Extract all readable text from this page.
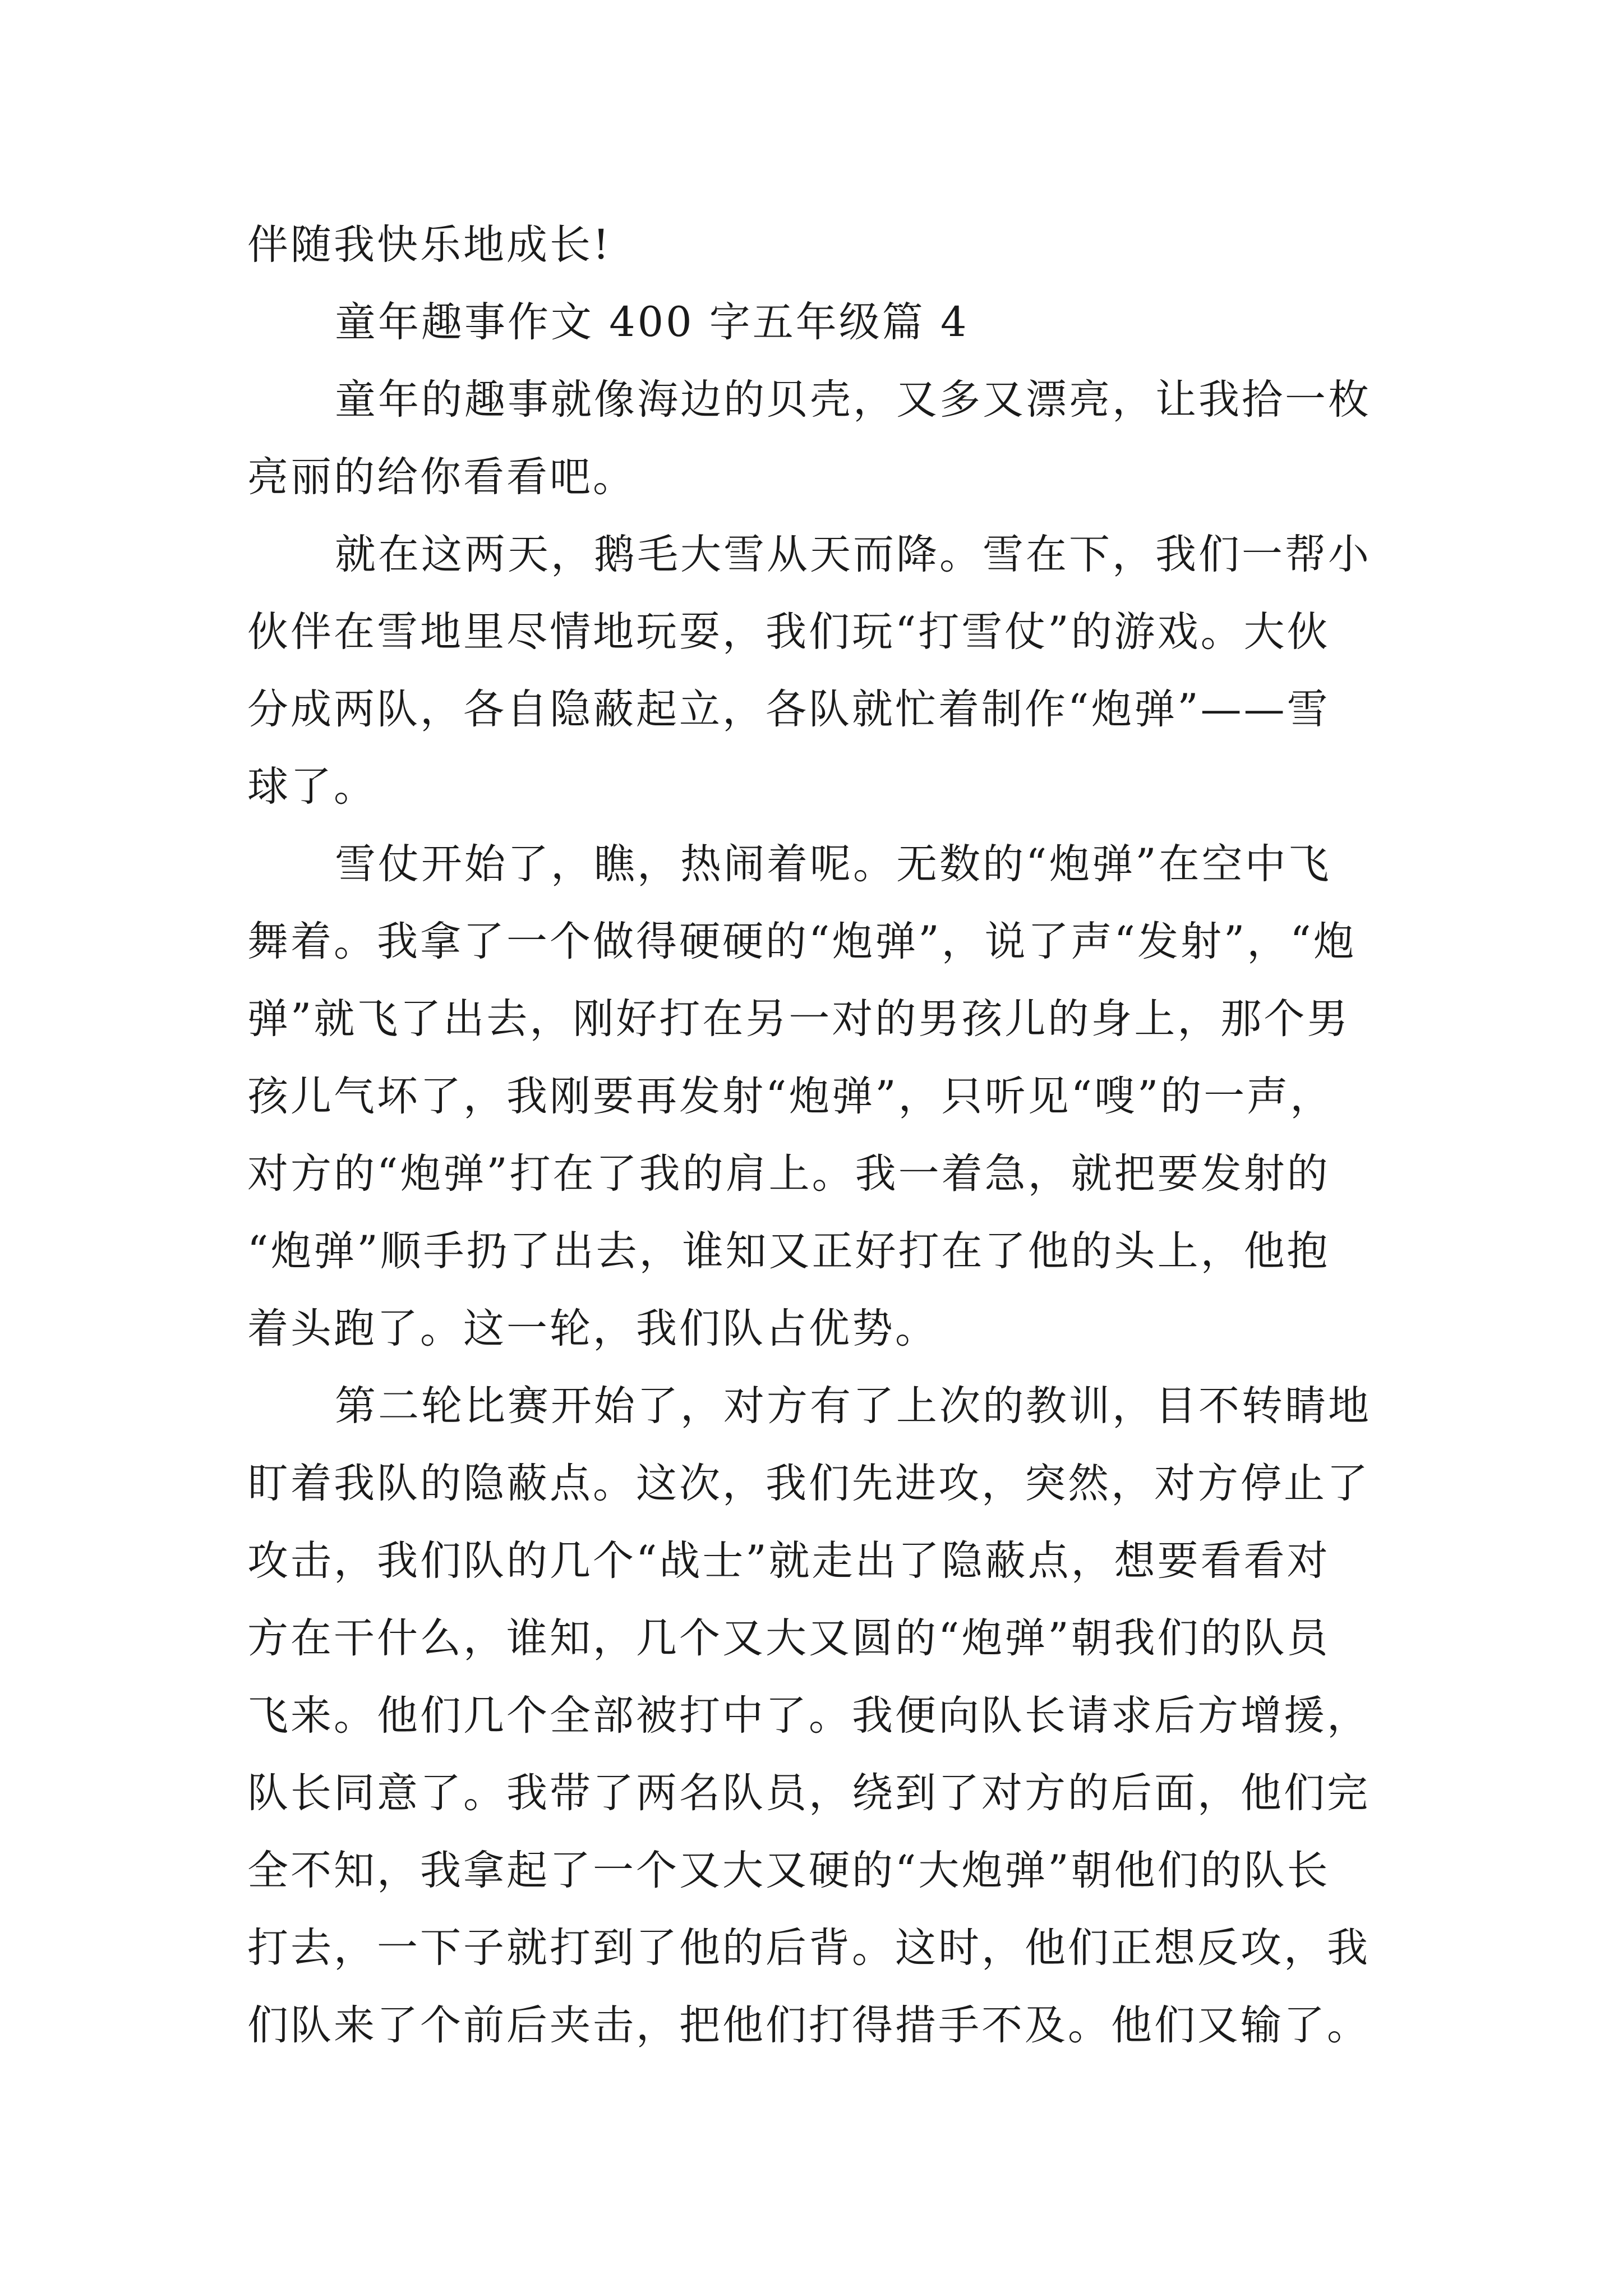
伴随我快乐地成长!
童年趣事作文 400 字五年级篇 4
童年的趣事就像海边的贝壳，又多又漂亮，让我拾一枚
亮丽的给你看看吧。
就在这两天，鹅毛大雪从天而降。雪在下，我们一帮小
伙伴在雪地里尽情地玩耍，我们玩“打雪仗”的游戏。大伙
分成两队，各自隐蔽起立，各队就忙着制作“炮弹”——雪
球了。
雪仗开始了，瞧，热闹着呢。无数的“炮弹”在空中飞
舞着。我拿了一个做得硬硬的“炮弹”，说了声“发射”，“炮
弹”就飞了出去，刚好打在另一对的男孩儿的身上，那个男
孩儿气坏了，我刚要再发射“炮弹”，只听见“嗖”的一声，
对方的“炮弹”打在了我的肩上。我一着急，就把要发射的
“炮弹”顺手扔了出去，谁知又正好打在了他的头上，他抱
着头跑了。这一轮，我们队占优势。
第二轮比赛开始了，对方有了上次的教训，目不转睛地
盯着我队的隐蔽点。这次，我们先进攻，突然，对方停止了
攻击，我们队的几个“战士”就走出了隐蔽点，想要看看对
方在干什么，谁知，几个又大又圆的“炮弹”朝我们的队员
飞来。他们几个全部被打中了。我便向队长请求后方增援，
队长同意了。我带了两名队员，绕到了对方的后面，他们完
全不知，我拿起了一个又大又硬的“大炮弹”朝他们的队长
打去，一下子就打到了他的后背。这时，他们正想反攻，我
们队来了个前后夹击，把他们打得措手不及。他们又输了。
